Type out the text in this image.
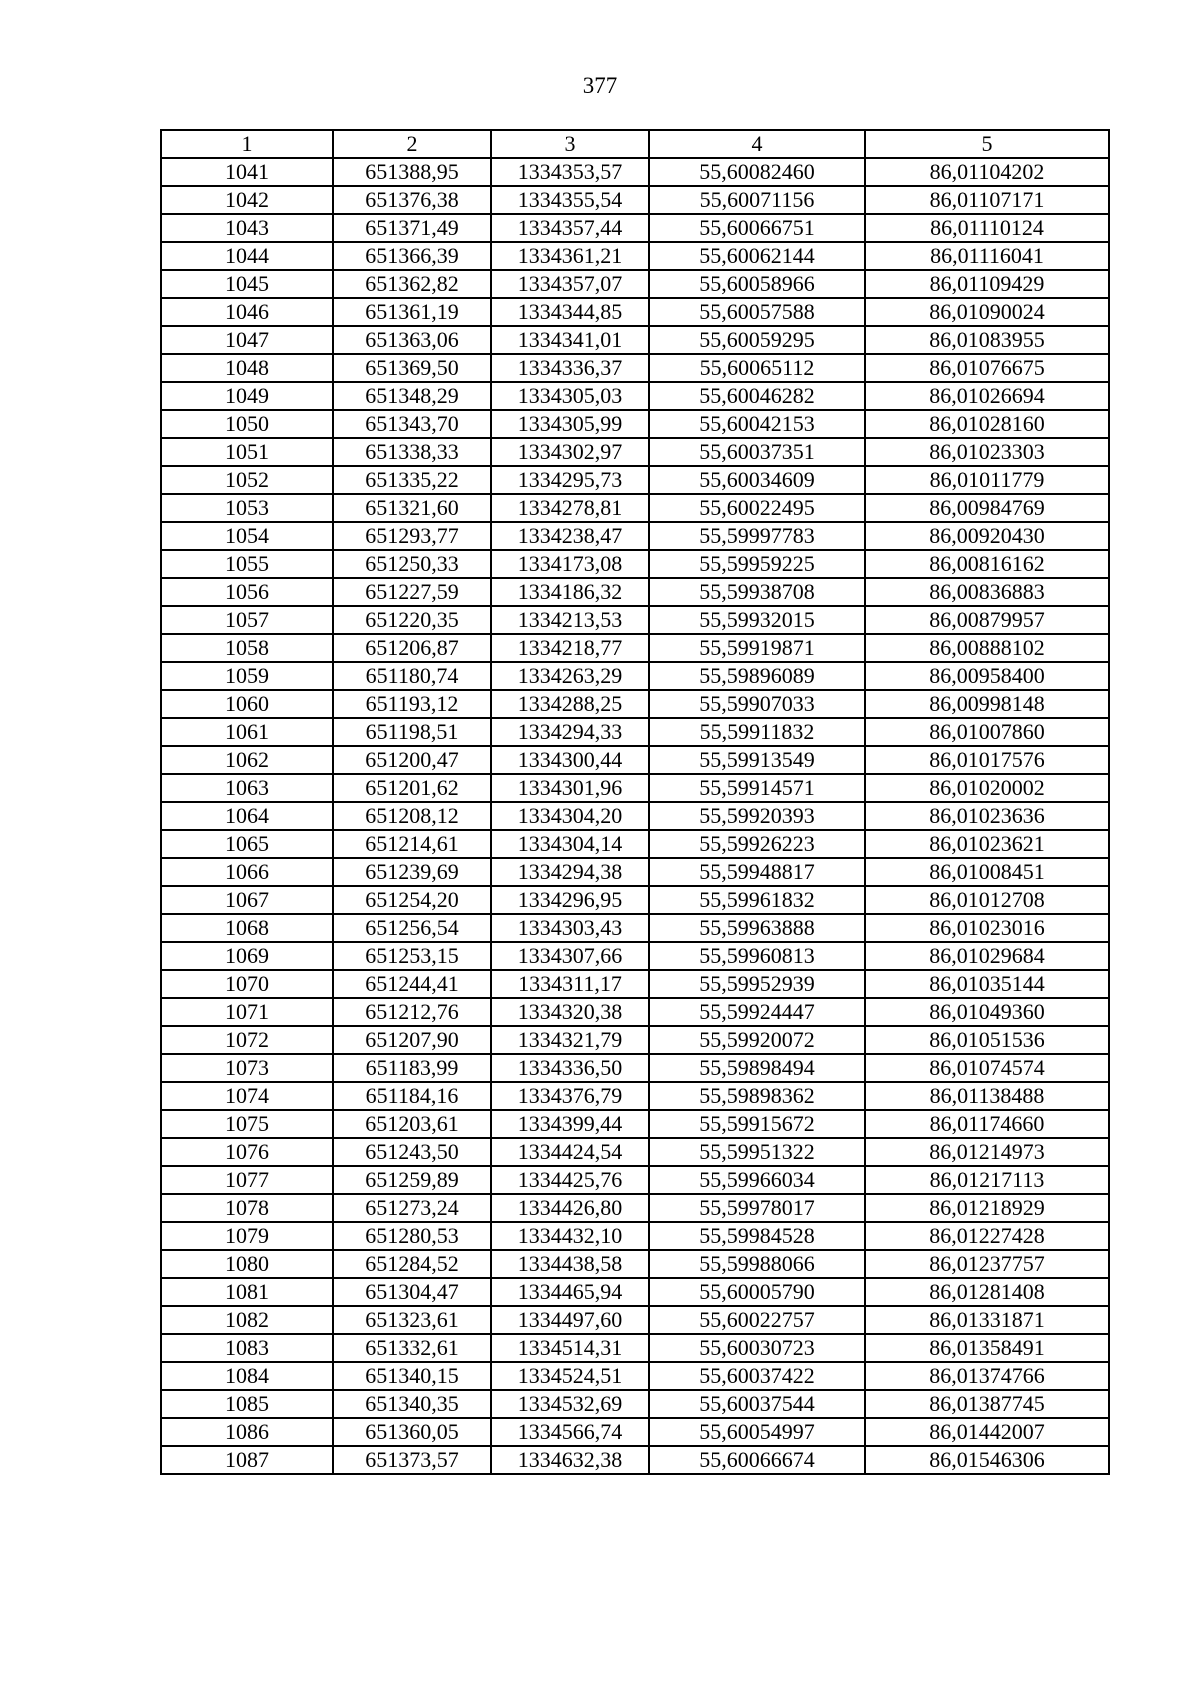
377
1	2	3	4	5
1041	651388,95	1334353,57	55,60082460	86,01104202
1042	651376,38	1334355,54	55,60071156	86,01107171
1043	651371,49	1334357,44	55,60066751	86,01110124
1044	651366,39	1334361,21	55,60062144	86,01116041
1045	651362,82	1334357,07	55,60058966	86,01109429
1046	651361,19	1334344,85	55,60057588	86,01090024
1047	651363,06	1334341,01	55,60059295	86,01083955
1048	651369,50	1334336,37	55,60065112	86,01076675
1049	651348,29	1334305,03	55,60046282	86,01026694
1050	651343,70	1334305,99	55,60042153	86,01028160
1051	651338,33	1334302,97	55,60037351	86,01023303
1052	651335,22	1334295,73	55,60034609	86,01011779
1053	651321,60	1334278,81	55,60022495	86,00984769
1054	651293,77	1334238,47	55,59997783	86,00920430
1055	651250,33	1334173,08	55,59959225	86,00816162
1056	651227,59	1334186,32	55,59938708	86,00836883
1057	651220,35	1334213,53	55,59932015	86,00879957
1058	651206,87	1334218,77	55,59919871	86,00888102
1059	651180,74	1334263,29	55,59896089	86,00958400
1060	651193,12	1334288,25	55,59907033	86,00998148
1061	651198,51	1334294,33	55,59911832	86,01007860
1062	651200,47	1334300,44	55,59913549	86,01017576
1063	651201,62	1334301,96	55,59914571	86,01020002
1064	651208,12	1334304,20	55,59920393	86,01023636
1065	651214,61	1334304,14	55,59926223	86,01023621
1066	651239,69	1334294,38	55,59948817	86,01008451
1067	651254,20	1334296,95	55,59961832	86,01012708
1068	651256,54	1334303,43	55,59963888	86,01023016
1069	651253,15	1334307,66	55,59960813	86,01029684
1070	651244,41	1334311,17	55,59952939	86,01035144
1071	651212,76	1334320,38	55,59924447	86,01049360
1072	651207,90	1334321,79	55,59920072	86,01051536
1073	651183,99	1334336,50	55,59898494	86,01074574
1074	651184,16	1334376,79	55,59898362	86,01138488
1075	651203,61	1334399,44	55,59915672	86,01174660
1076	651243,50	1334424,54	55,59951322	86,01214973
1077	651259,89	1334425,76	55,59966034	86,01217113
1078	651273,24	1334426,80	55,59978017	86,01218929
1079	651280,53	1334432,10	55,59984528	86,01227428
1080	651284,52	1334438,58	55,59988066	86,01237757
1081	651304,47	1334465,94	55,60005790	86,01281408
1082	651323,61	1334497,60	55,60022757	86,01331871
1083	651332,61	1334514,31	55,60030723	86,01358491
1084	651340,15	1334524,51	55,60037422	86,01374766
1085	651340,35	1334532,69	55,60037544	86,01387745
1086	651360,05	1334566,74	55,60054997	86,01442007
1087	651373,57	1334632,38	55,60066674	86,01546306
